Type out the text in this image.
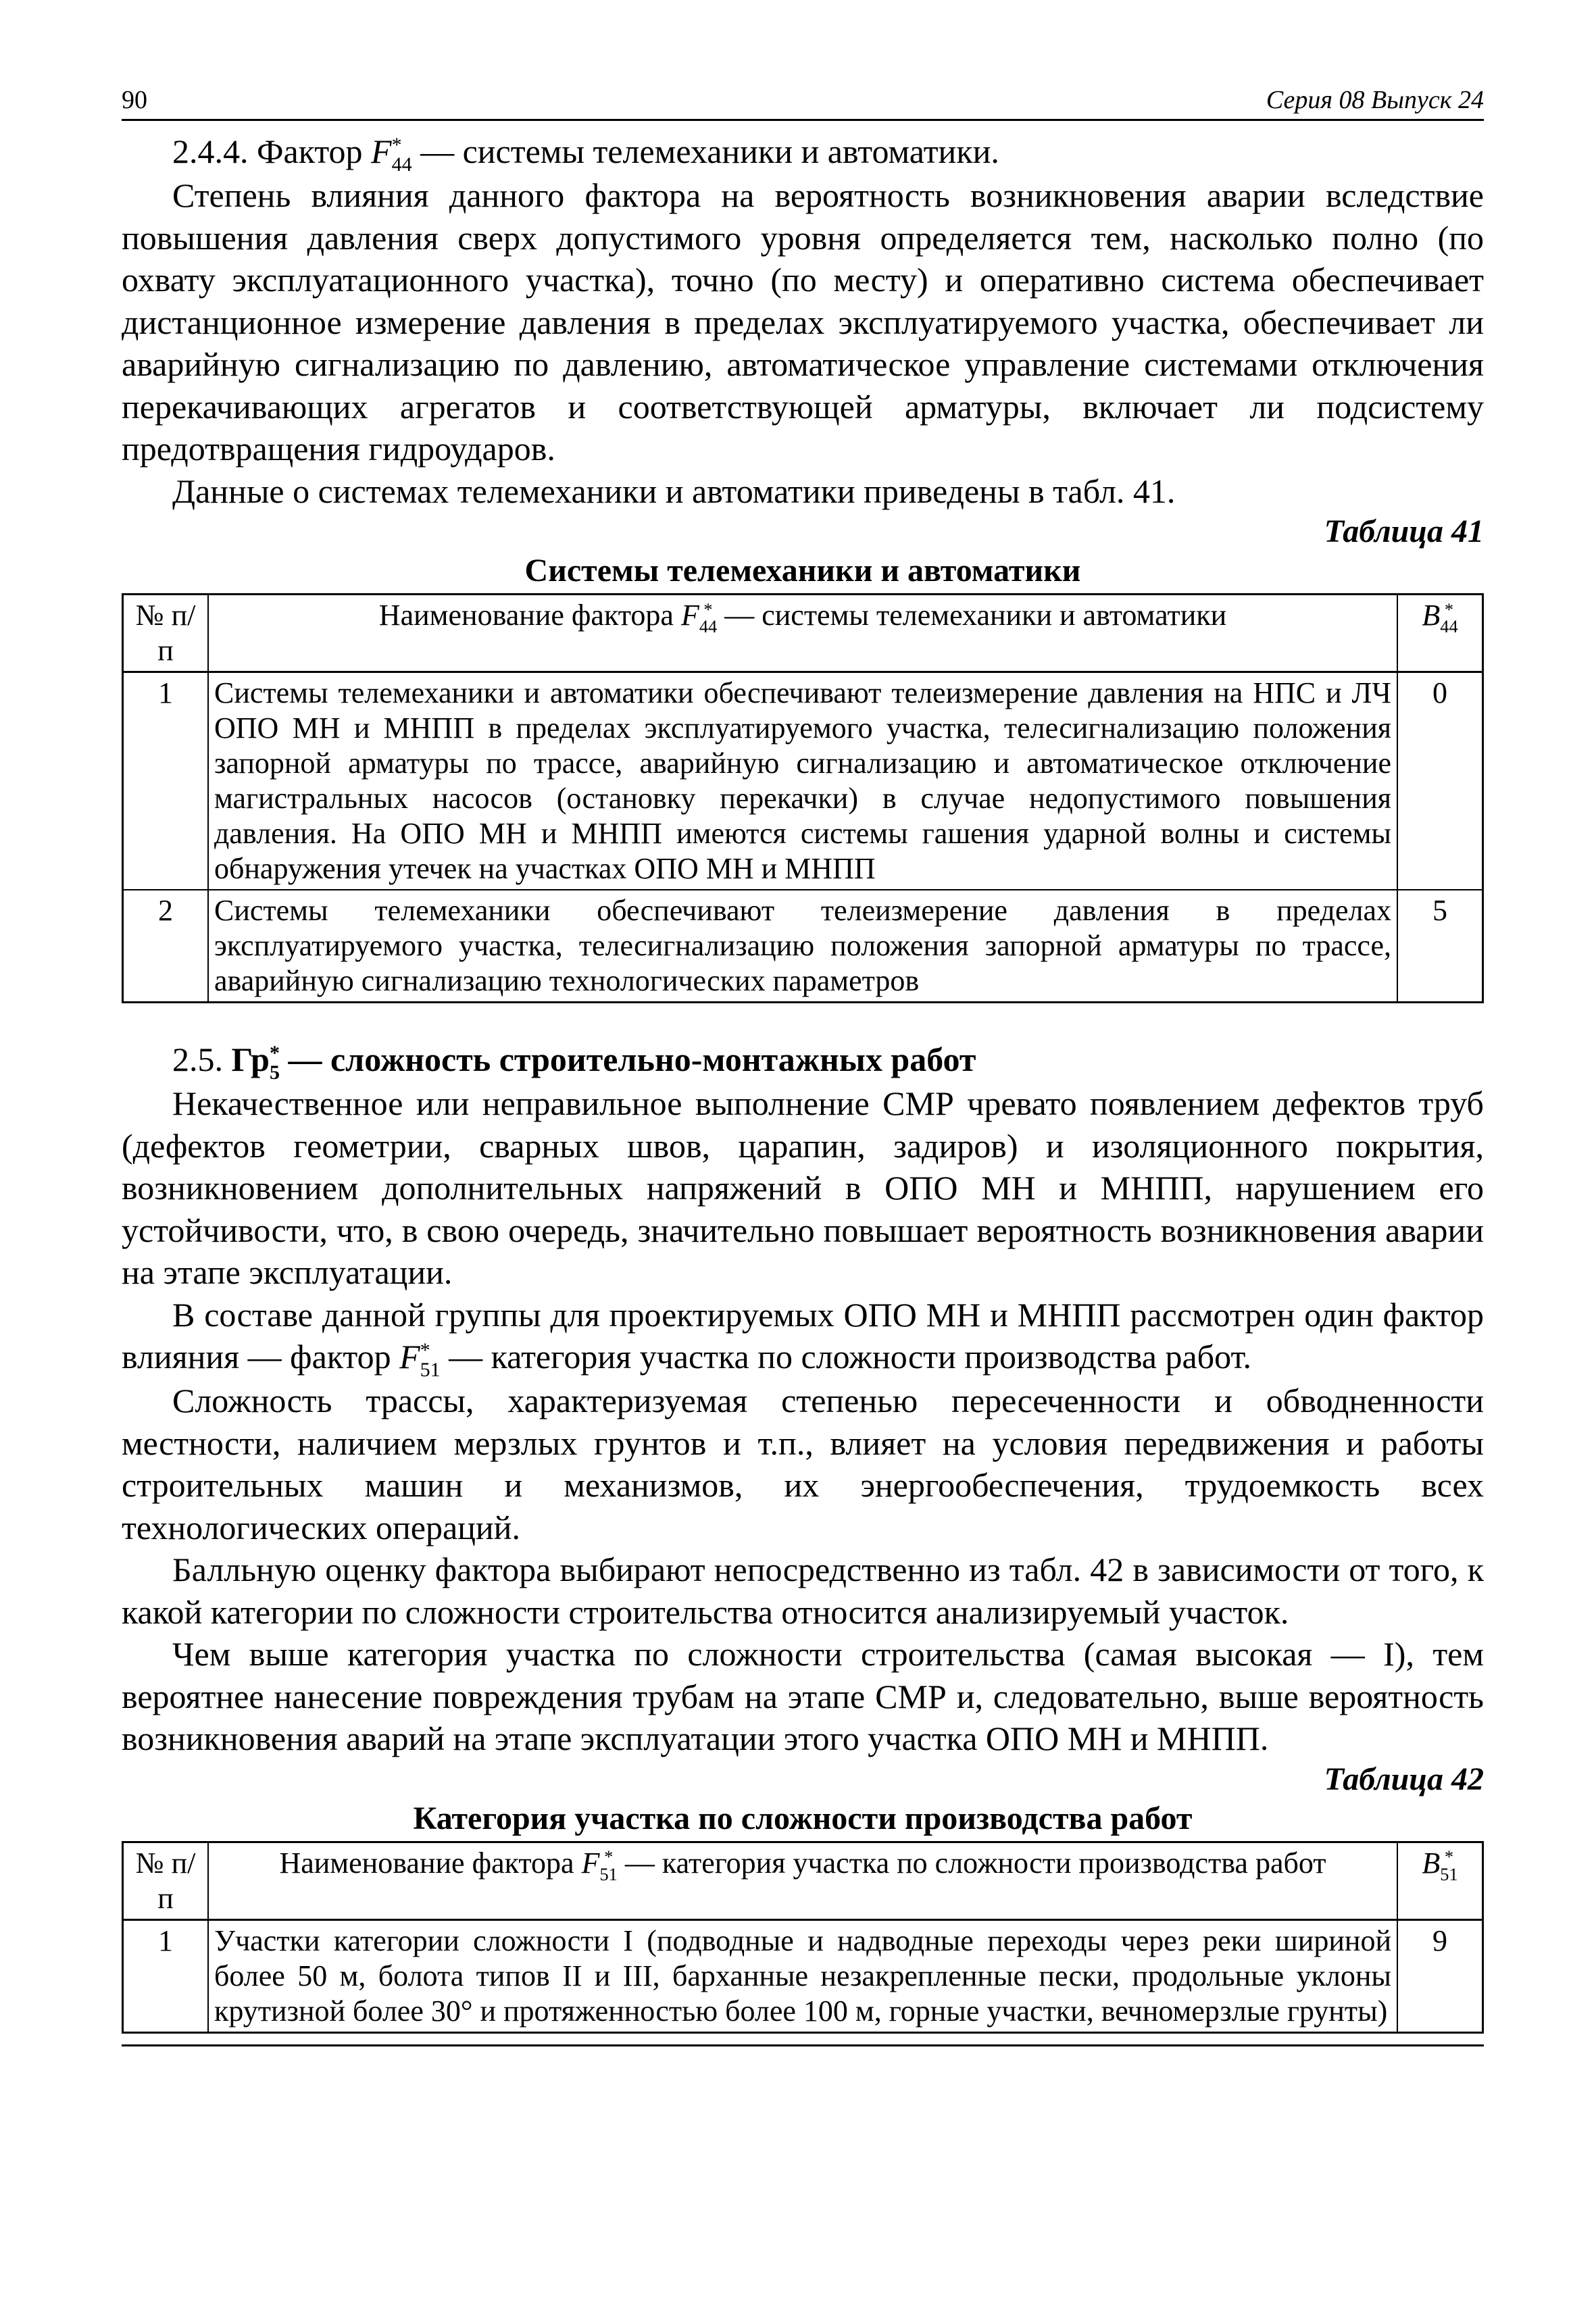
90	Серия 08 Выпуск 24
2.4.4. Фактор F *
44 — системы телемеханики и автоматики.

Степень влияния данного фактора на вероятность возникновения аварии вследствие повышения давления сверх допустимого уровня определяется тем, насколько полно (по охвату эксплуатационного участка), точно (по месту) и оперативно система обеспечивает дистанционное измерение давления в пределах эксплуатируемого участка, обеспечивает ли аварийную сигнализацию по давлению, автоматическое управление системами отключения перекачивающих агрегатов и соответствующей арматуры, включает ли подсистему предотвращения гидроударов.

Данные о системах телемеханики и автоматики приведены в табл. 41.

Таблица 41
Системы телемеханики и автоматики
№ п/п	Наименование фактора F *
44 — системы телемеханики и автоматики	B *
44

1	Системы телемеханики и автоматики обеспечивают телеизмерение давления на НПС и ЛЧ ОПО МН и МНПП в пределах эксплуатируемого участка, телесигнализацию положения запорной арматуры по трассе, аварийную сигнализацию и автоматическое отключение магистральных насосов (остановку перекачки) в случае недопустимого повышения давления. На ОПО МН и МНПП имеются системы гашения ударной волны и системы обнаружения утечек на участках ОПО МН и МНПП	0
2	Системы телемеханики обеспечивают телеизмерение давления в пределах эксплуатируемого участка, телесигнализацию положения запорной арматуры по трассе, аварийную сигнализацию технологических параметров	5
2.5. Гр *
5 — сложность строительно-монтажных работ

Некачественное или неправильное выполнение СМР чревато появлением дефектов труб (дефектов геометрии, сварных швов, царапин, задиров) и изоляционного покрытия, возникновением дополнительных напряжений в ОПО МН и МНПП, нарушением его устойчивости, что, в свою очередь, значительно повышает вероятность возникновения аварии на этапе эксплуатации.

В составе данной группы для проектируемых ОПО МН и МНПП рассмотрен один фактор влияния — фактор F *
51 — категория участка по сложности производства работ.

Сложность трассы, характеризуемая степенью пересеченности и обводненности местности, наличием мерзлых грунтов и т.п., влияет на условия передвижения и работы строительных машин и механизмов, их энергообеспечения, трудоемкость всех технологических операций.

Балльную оценку фактора выбирают непосредственно из табл. 42 в зависимости от того, к какой категории по сложности строительства относится анализируемый участок.

Чем выше категория участка по сложности строительства (самая высокая — I), тем вероятнее нанесение повреждения трубам на этапе СМР и, следовательно, выше вероятность возникновения аварий на этапе эксплуатации этого участка ОПО МН и МНПП.

Таблица 42
Категория участка по сложности производства работ
№ п/п	Наименование фактора F *
51 — категория участка по сложности производства работ	B *
51

1	Участки категории сложности I (подводные и надводные переходы через реки шириной более 50 м, болота типов II и III, барханные незакрепленные пески, продольные уклоны крутизной более 30° и протяженностью более 100 м, горные участки, вечномерзлые грунты)	9
